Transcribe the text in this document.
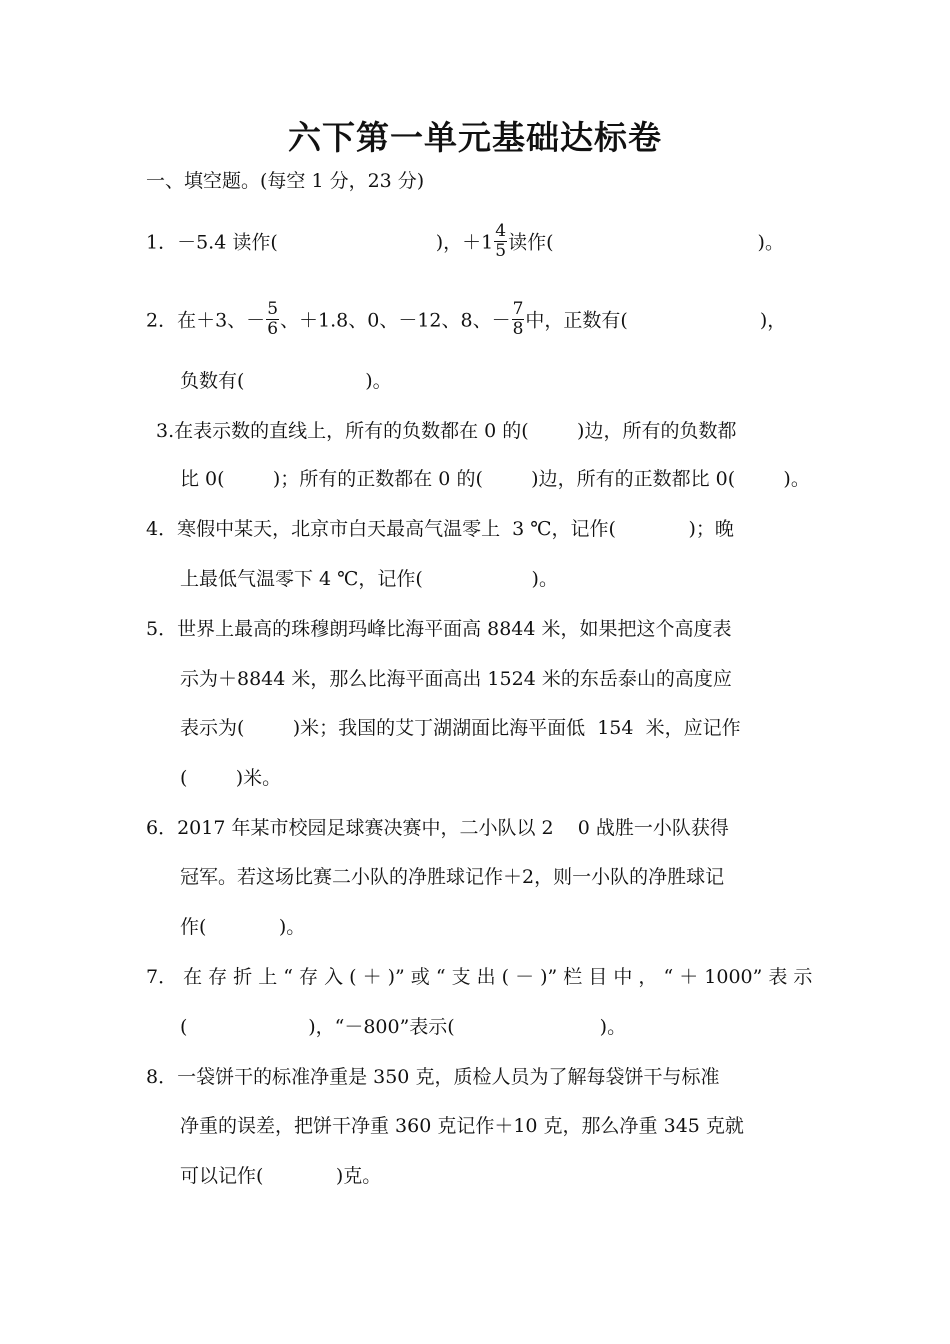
六下第一单元基础达标卷
一、填空题。(每空 1 分，23 分)
1．－5.4 读作(	)，$+1 \frac{4}{5}$ 读作(	)。
2．在＋3、－ $\frac{5}{6}$ 、＋1.8、0、－12、8、－ $\frac{7}{8}$ 中，正数有(	)，
负数有(                    )。
3.在表示数的直线上，所有的负数都在 0 的(        )边，所有的负数都
比 0(        )；所有的正数都在 0 的(        )边，所有的正数都比 0(        )。
4．寒假中某天，北京市白天最高气温零上  3 ℃，记作(            )；晚
上最低气温零下 4 ℃，记作(                  )。
5．世界上最高的珠穆朗玛峰比海平面高 8844 米，如果把这个高度表
示为＋8844 米，那么比海平面高出 1524 米的东岳泰山的高度应
表示为(        )米；我国的艾丁湖湖面比海平面低  154  米，应记作
(        )米。
6．2017 年某市校园足球赛决赛中，二小队以 2    0 战胜一小队获得
冠军。若这场比赛二小队的净胜球记作＋2，则一小队的净胜球记
作(            )。
7． 在 存 折 上 “ 存 入 ( ＋ )” 或 “ 支 出 ( － )” 栏 目 中 ， “ ＋ 1000” 表 示
(                    )，“－800”表示(                        )。
8．一袋饼干的标准净重是 350 克，质检人员为了解每袋饼干与标准
净重的误差，把饼干净重 360 克记作＋10 克，那么净重 345 克就
可以记作(            )克。
